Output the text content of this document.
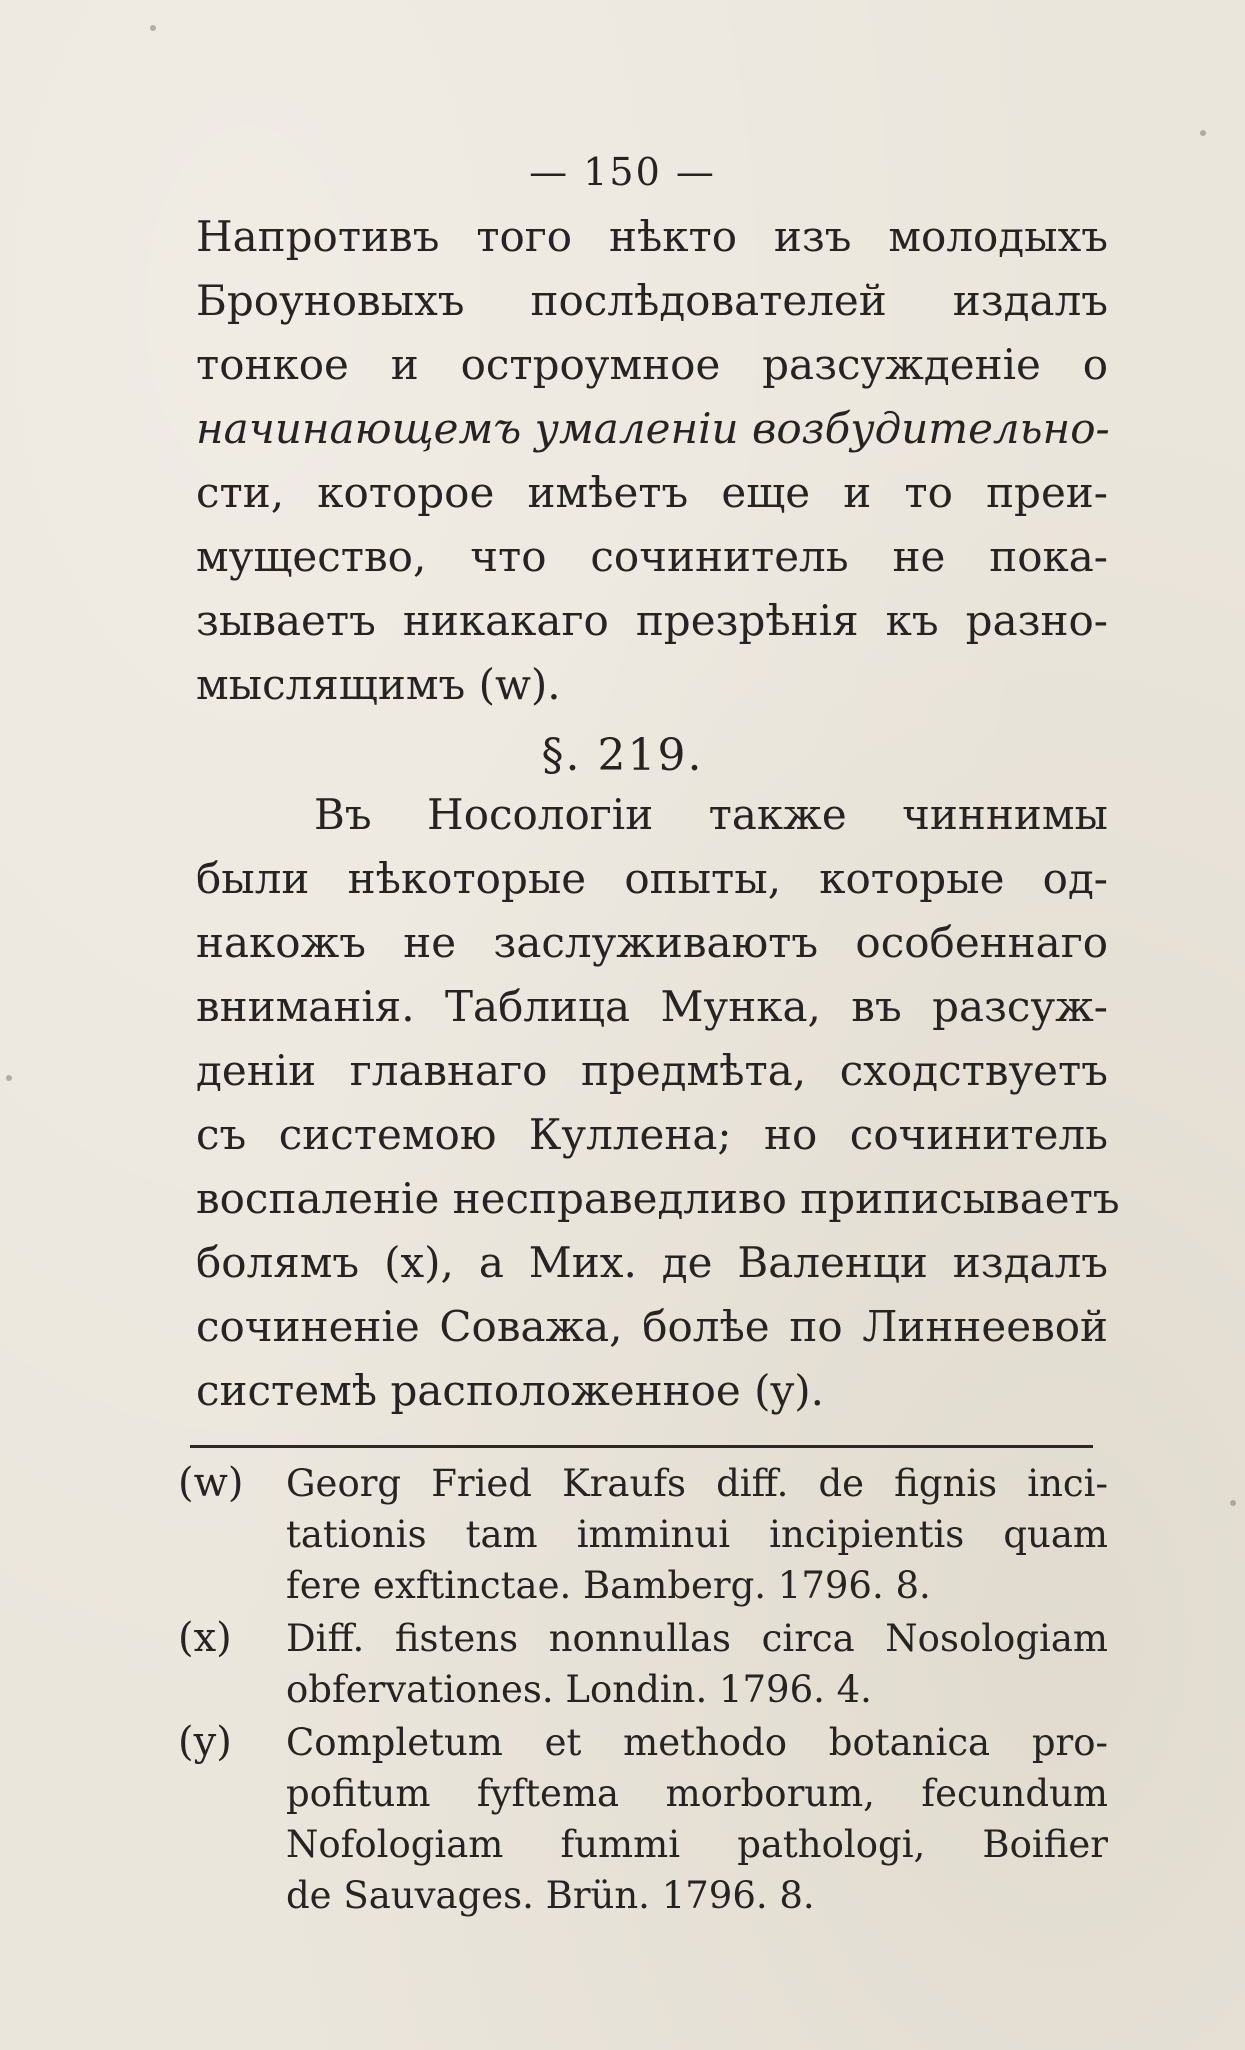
— 150 —
Напротивъ того нѣкто изъ молодыхъ
Броуновыхъ послѣдователей издалъ
тонкое и остроумное разсужденіе о
начинающемъ умаленіи возбудительно-
сти, которое имѣетъ еще и то преи-
мущество, что сочинитель не пока-
зываетъ никакаго презрѣнія къ разно-
мыслящимъ (w).
§. 219.
Въ Носологіи также чиннимы
были нѣкоторые опыты, которые од-
накожъ не заслуживаютъ особеннаго
вниманія. Таблица Мунка, въ разсуж-
деніи главнаго предмѣта, сходствуетъ
съ системою Куллена; но сочинитель
воспаленіе несправедливо приписываетъ
болямъ (x), а Мих. де Валенци издалъ
сочиненіе Соважа, болѣе по Линнеевой
системѣ расположенное (y).
(w)	Georg Fried Kraufs diff. de fignis inci-
tationis tam imminui incipientis quam
fere exftinctae. Bamberg. 1796. 8.
(x)	Diff. fistens nonnullas circa Nosologiam
obfervationes. Londin. 1796. 4.
(y)	Completum et methodo botanica pro-
pofitum fyftema morborum, fecundum
Nofologiam fummi pathologi, Boifier
de Sauvages. Brün. 1796. 8.
